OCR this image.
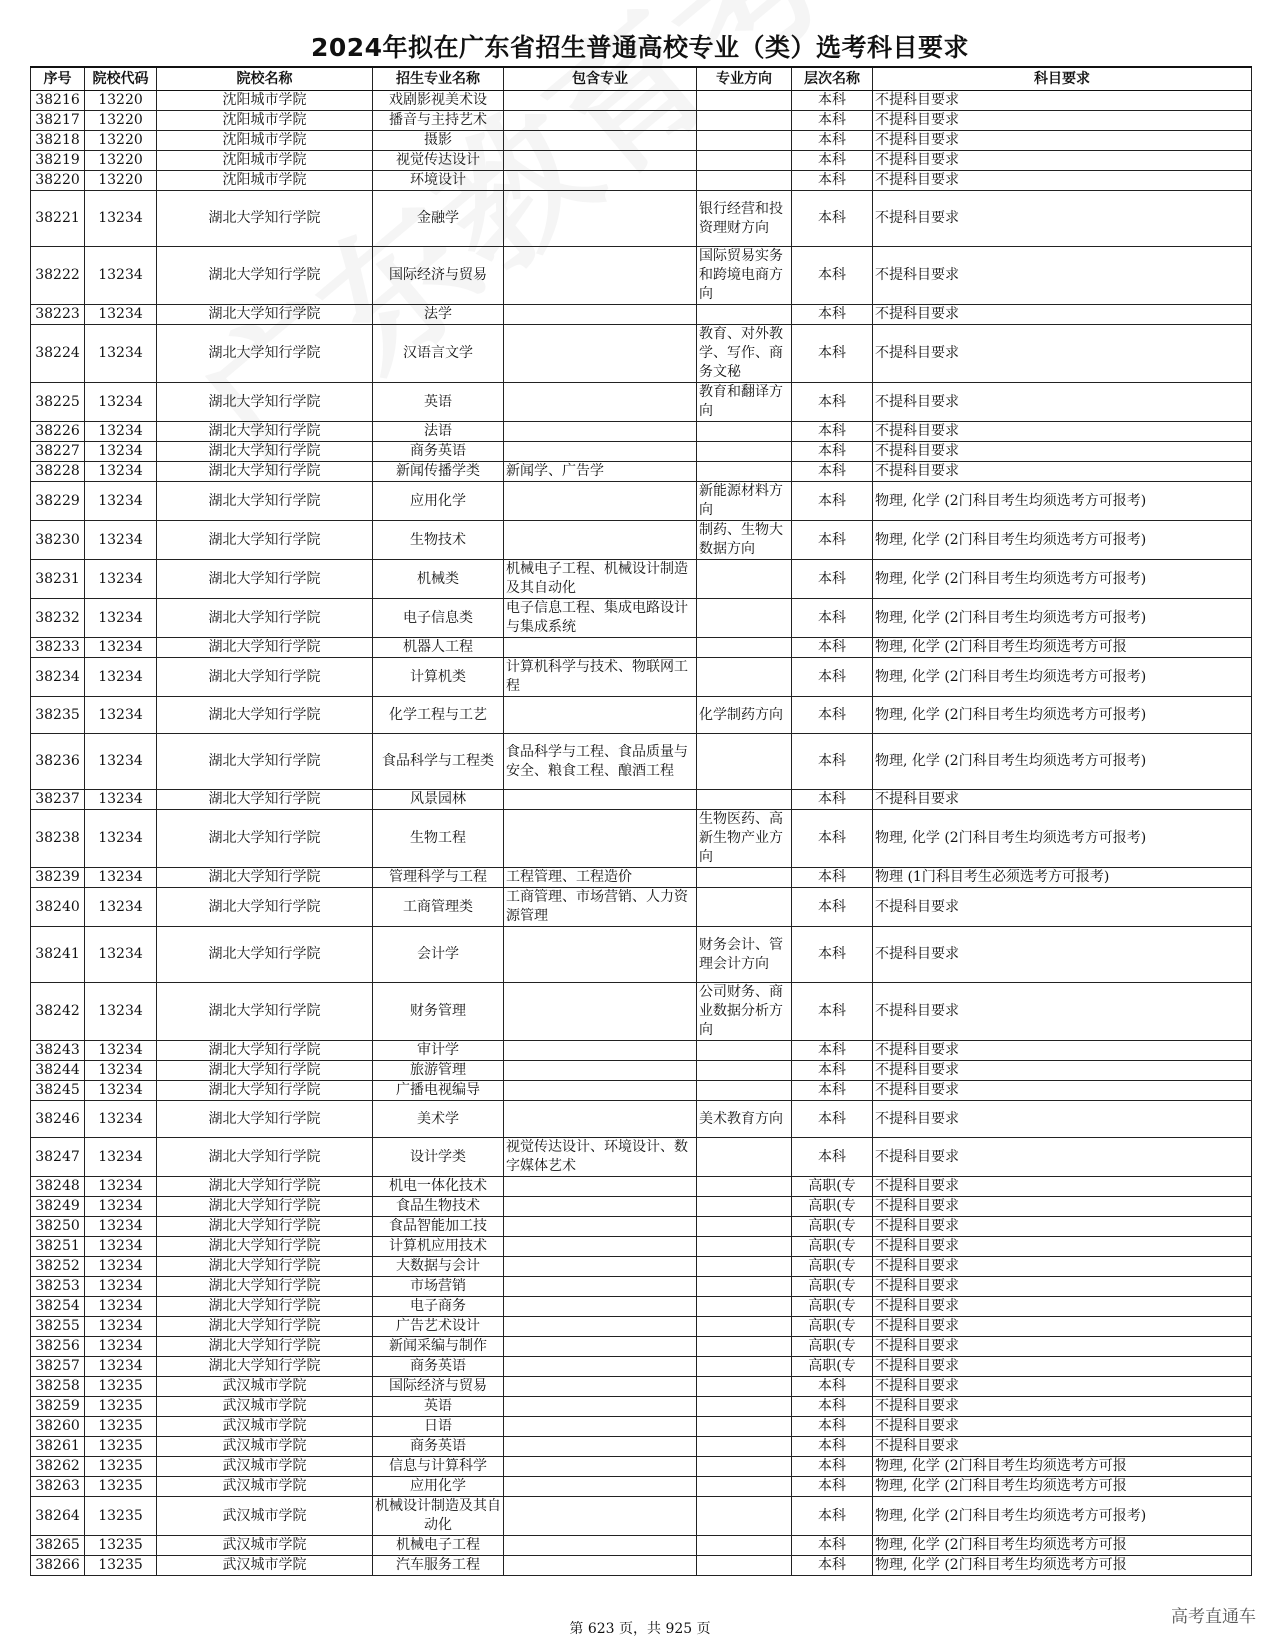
2024年拟在广东省招生普通高校专业（类）选考科目要求
序号	院校代码	院校名称	招生专业名称	包含专业	专业方向	层次名称	科目要求
38216	13220	沈阳城市学院	戏剧影视美术设			本科	不提科目要求
38217	13220	沈阳城市学院	播音与主持艺术			本科	不提科目要求
38218	13220	沈阳城市学院	摄影			本科	不提科目要求
38219	13220	沈阳城市学院	视觉传达设计			本科	不提科目要求
38220	13220	沈阳城市学院	环境设计			本科	不提科目要求
38221	13234	湖北大学知行学院	金融学		银行经营和投资理财方向	本科	不提科目要求
38222	13234	湖北大学知行学院	国际经济与贸易		国际贸易实务和跨境电商方向	本科	不提科目要求
38223	13234	湖北大学知行学院	法学			本科	不提科目要求
38224	13234	湖北大学知行学院	汉语言文学		教育、对外教学、写作、商务文秘	本科	不提科目要求
38225	13234	湖北大学知行学院	英语		教育和翻译方向	本科	不提科目要求
38226	13234	湖北大学知行学院	法语			本科	不提科目要求
38227	13234	湖北大学知行学院	商务英语			本科	不提科目要求
38228	13234	湖北大学知行学院	新闻传播学类	新闻学、广告学		本科	不提科目要求
38229	13234	湖北大学知行学院	应用化学		新能源材料方向	本科	物理, 化学 (2门科目考生均须选考方可报考)
38230	13234	湖北大学知行学院	生物技术		制药、生物大数据方向	本科	物理, 化学 (2门科目考生均须选考方可报考)
38231	13234	湖北大学知行学院	机械类	机械电子工程、机械设计制造及其自动化		本科	物理, 化学 (2门科目考生均须选考方可报考)
38232	13234	湖北大学知行学院	电子信息类	电子信息工程、集成电路设计与集成系统		本科	物理, 化学 (2门科目考生均须选考方可报考)
38233	13234	湖北大学知行学院	机器人工程			本科	物理, 化学 (2门科目考生均须选考方可报
38234	13234	湖北大学知行学院	计算机类	计算机科学与技术、物联网工程		本科	物理, 化学 (2门科目考生均须选考方可报考)
38235	13234	湖北大学知行学院	化学工程与工艺		化学制药方向	本科	物理, 化学 (2门科目考生均须选考方可报考)
38236	13234	湖北大学知行学院	食品科学与工程类	食品科学与工程、食品质量与安全、粮食工程、酿酒工程		本科	物理, 化学 (2门科目考生均须选考方可报考)
38237	13234	湖北大学知行学院	风景园林			本科	不提科目要求
38238	13234	湖北大学知行学院	生物工程		生物医药、高新生物产业方向	本科	物理, 化学 (2门科目考生均须选考方可报考)
38239	13234	湖北大学知行学院	管理科学与工程	工程管理、工程造价		本科	物理 (1门科目考生必须选考方可报考)
38240	13234	湖北大学知行学院	工商管理类	工商管理、市场营销、人力资源管理		本科	不提科目要求
38241	13234	湖北大学知行学院	会计学		财务会计、管理会计方向	本科	不提科目要求
38242	13234	湖北大学知行学院	财务管理		公司财务、商业数据分析方向	本科	不提科目要求
38243	13234	湖北大学知行学院	审计学			本科	不提科目要求
38244	13234	湖北大学知行学院	旅游管理			本科	不提科目要求
38245	13234	湖北大学知行学院	广播电视编导			本科	不提科目要求
38246	13234	湖北大学知行学院	美术学		美术教育方向	本科	不提科目要求
38247	13234	湖北大学知行学院	设计学类	视觉传达设计、环境设计、数字媒体艺术		本科	不提科目要求
38248	13234	湖北大学知行学院	机电一体化技术			高职(专	不提科目要求
38249	13234	湖北大学知行学院	食品生物技术			高职(专	不提科目要求
38250	13234	湖北大学知行学院	食品智能加工技			高职(专	不提科目要求
38251	13234	湖北大学知行学院	计算机应用技术			高职(专	不提科目要求
38252	13234	湖北大学知行学院	大数据与会计			高职(专	不提科目要求
38253	13234	湖北大学知行学院	市场营销			高职(专	不提科目要求
38254	13234	湖北大学知行学院	电子商务			高职(专	不提科目要求
38255	13234	湖北大学知行学院	广告艺术设计			高职(专	不提科目要求
38256	13234	湖北大学知行学院	新闻采编与制作			高职(专	不提科目要求
38257	13234	湖北大学知行学院	商务英语			高职(专	不提科目要求
38258	13235	武汉城市学院	国际经济与贸易			本科	不提科目要求
38259	13235	武汉城市学院	英语			本科	不提科目要求
38260	13235	武汉城市学院	日语			本科	不提科目要求
38261	13235	武汉城市学院	商务英语			本科	不提科目要求
38262	13235	武汉城市学院	信息与计算科学			本科	物理, 化学 (2门科目考生均须选考方可报
38263	13235	武汉城市学院	应用化学			本科	物理, 化学 (2门科目考生均须选考方可报
38264	13235	武汉城市学院	机械设计制造及其自动化			本科	物理, 化学 (2门科目考生均须选考方可报考)
38265	13235	武汉城市学院	机械电子工程			本科	物理, 化学 (2门科目考生均须选考方可报
38266	13235	武汉城市学院	汽车服务工程			本科	物理, 化学 (2门科目考生均须选考方可报
第 623 页，共 925 页
高考直通车
